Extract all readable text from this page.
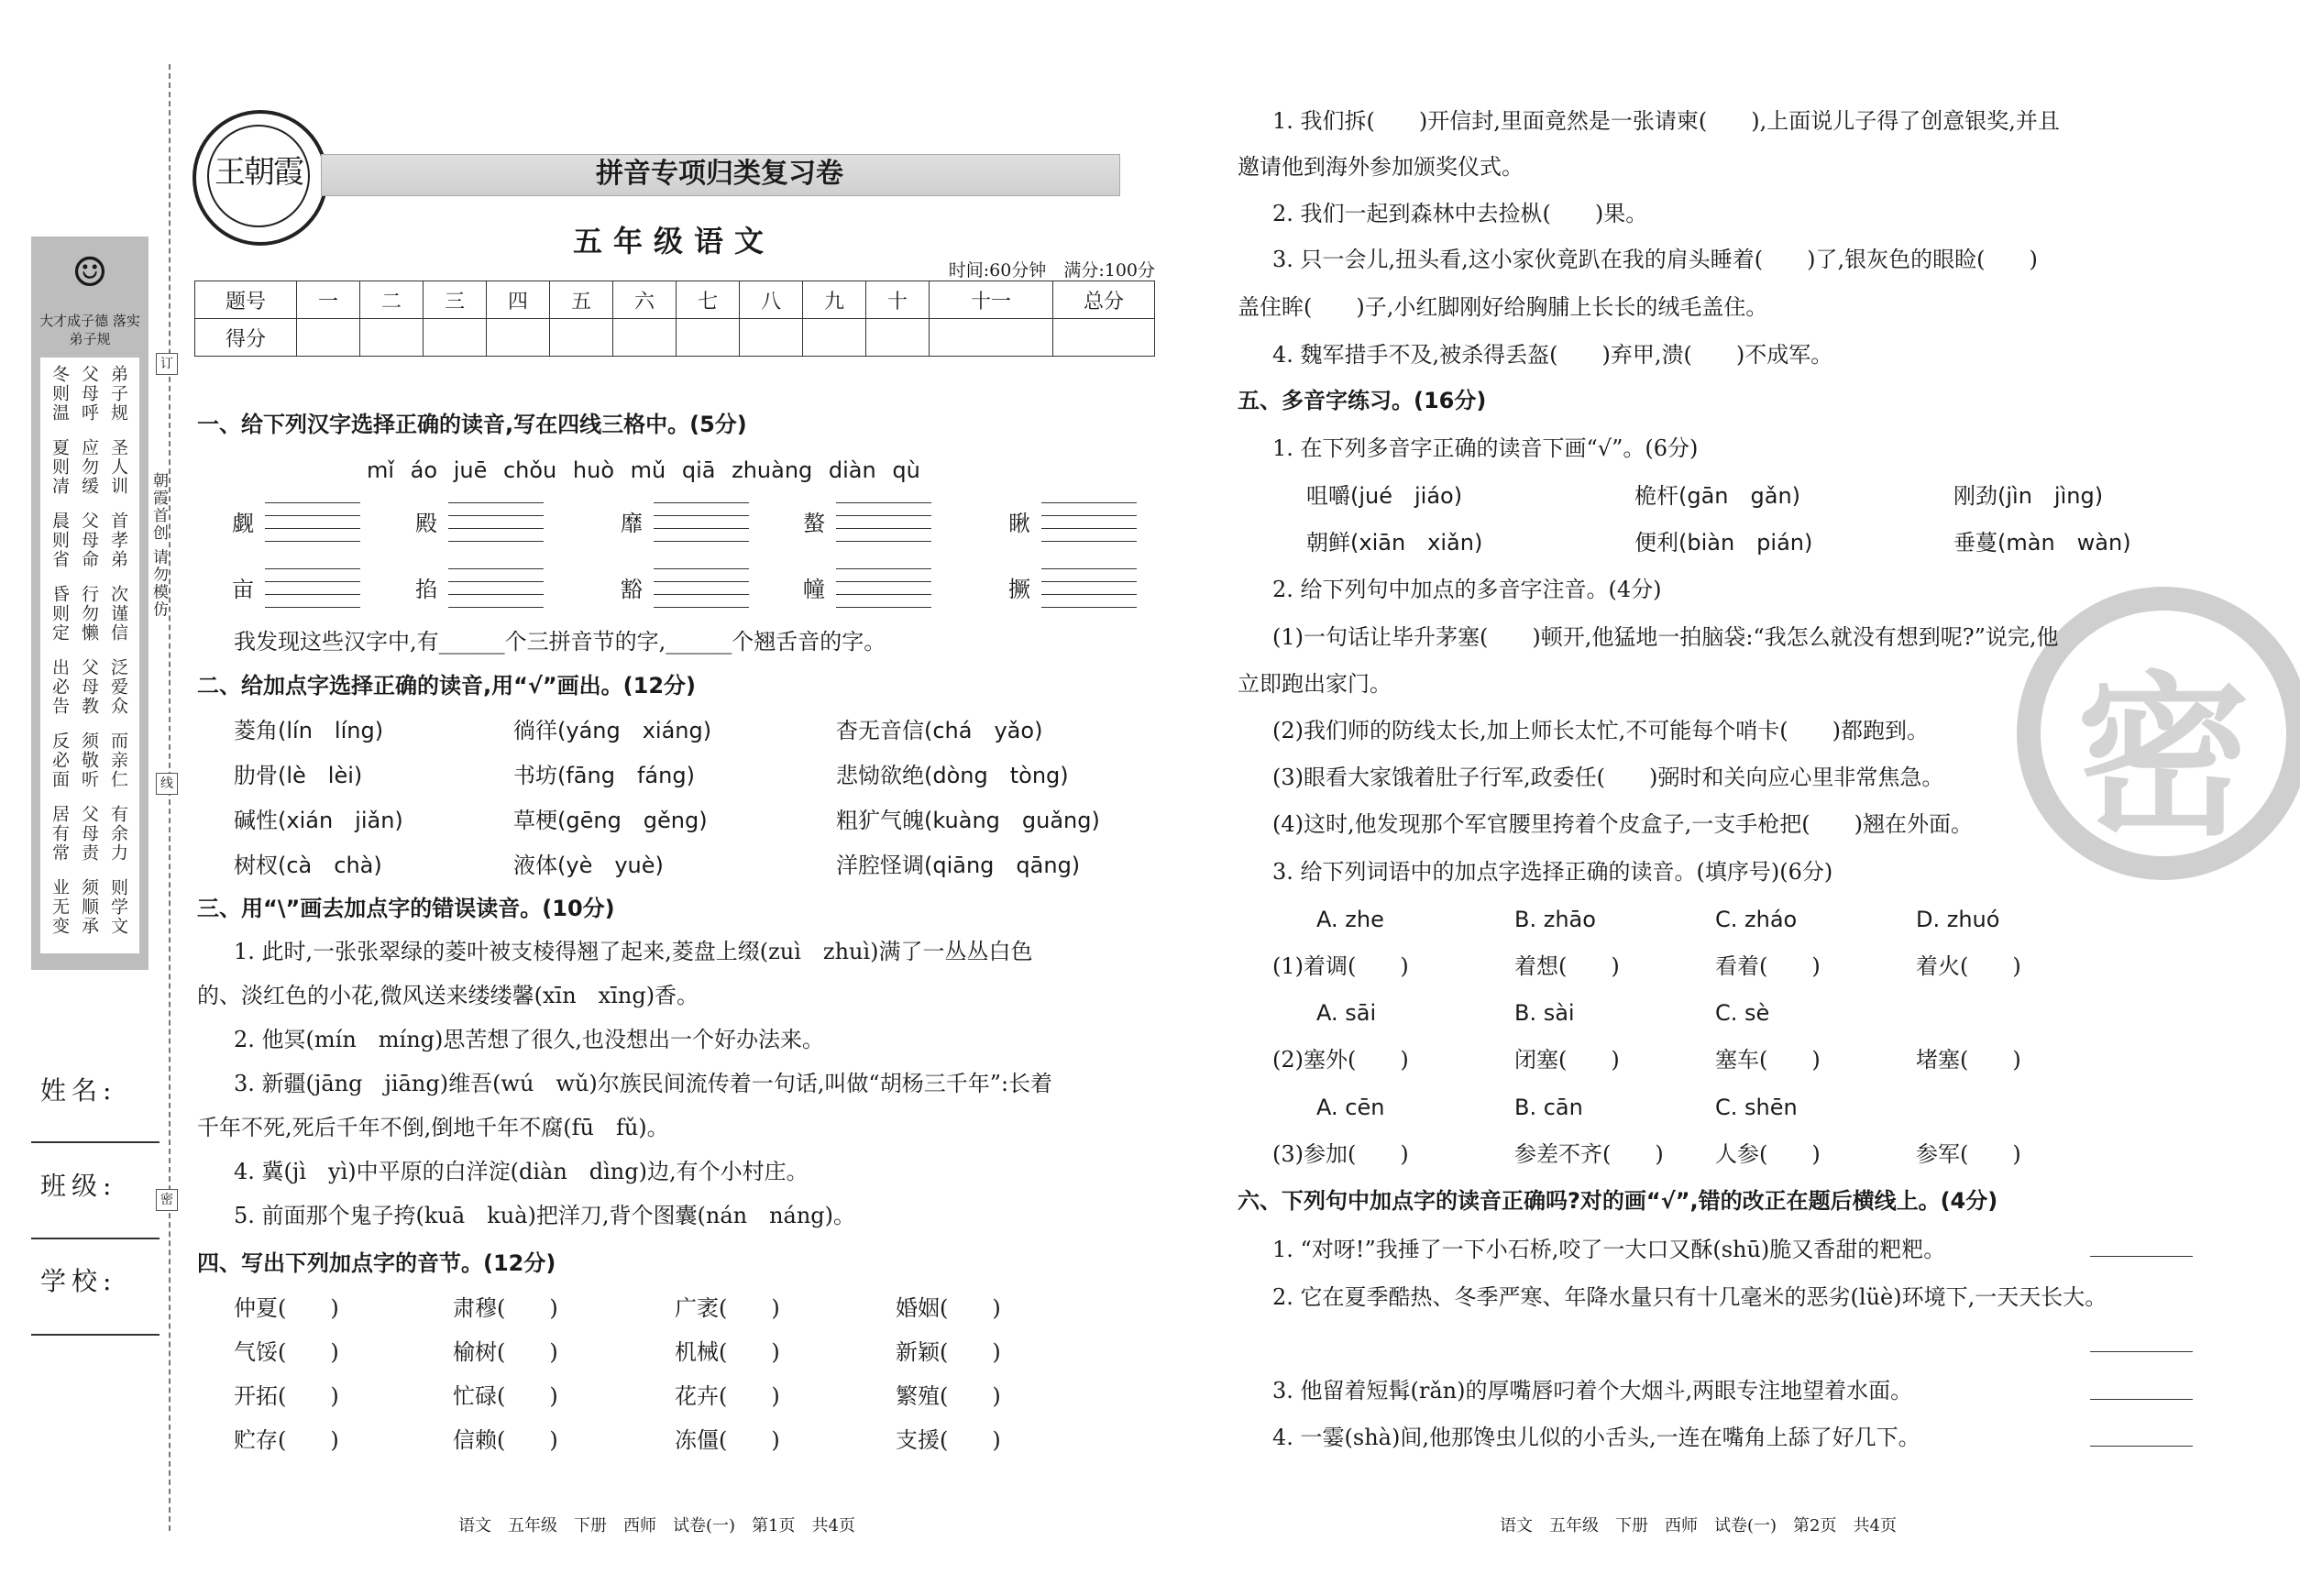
☺
大才成子德 落实弟子规
冬则温 父母呼 弟子规
夏则凊 应勿缓 圣人训
晨则省 父母命 首孝弟
昏则定 行勿懒 次谨信
出必告 父母教 泛爱众
反必面 须敬听 而亲仁
居有常 父母责 有余力
业无变 须顺承 则学文
姓名:
班级:
学校:
订
线
密
朝霞首创 请勿模仿
王朝霞	拼音专项归类复习卷
五年级语文
时间:60分钟　 满分:100分
题号	一	二	三	四	五	六	七	八	九	十	十一	总分
得分												
一、给下列汉字选择正确的读音,写在四线三格中。(5分)
mǐ áo juē chǒu huò mǔ qiā zhuàng diàn qù
觑	殿	靡	螯	瞅
亩	掐	豁	幢	撅
我发现这些汉字中,有______个三拼音节的字,______个翘舌音的字。
二、给加点字选择正确的读音,用“√”画出。(12分)
菱角(lín　líng)	徜徉(yáng　xiáng)	杳无音信(chá　yǎo)
肋骨(lè　lèi)	书坊(fāng　fáng)	悲恸欲绝(dòng　tòng)
碱性(xián　jiǎn)	草梗(gēng　gěng)	粗犷气魄(kuàng　guǎng)
树杈(cà　chà)	液体(yè　yuè)	洋腔怪调(qiāng　qāng)
三、用“\”画去加点字的错误读音。(10分)
1. 此时,一张张翠绿的菱叶被支棱得翘了起来,菱盘上缀(zuì　zhuì)满了一丛丛白色
的、淡红色的小花,微风送来缕缕馨(xīn　xīng)香。
2. 他冥(mín　míng)思苦想了很久,也没想出一个好办法来。
3. 新疆(jāng　jiāng)维吾(wú　wǔ)尔族民间流传着一句话,叫做“胡杨三千年”:长着
千年不死,死后千年不倒,倒地千年不腐(fū　fǔ)。
4. 冀(jì　yì)中平原的白洋淀(diàn　dìng)边,有个小村庄。
5. 前面那个鬼子挎(kuā　kuà)把洋刀,背个图囊(nán　náng)。
四、写出下列加点字的音节。(12分)
仲夏(　　)	肃穆(　　)	广袤(　　)	婚姻(　　)
气馁(　　)	榆树(　　)	机械(　　)	新颖(　　)
开拓(　　)	忙碌(　　)	花卉(　　)	繁殖(　　)
贮存(　　)	信赖(　　)	冻僵(　　)	支援(　　)
语文　五年级　下册　西师　试卷(一)　第1页　共4页
密
1. 我们拆(　　)开信封,里面竟然是一张请柬(　　),上面说儿子得了创意银奖,并且
邀请他到海外参加颁奖仪式。
2. 我们一起到森林中去捡枞(　　)果。
3. 只一会儿,扭头看,这小家伙竟趴在我的肩头睡着(　　)了,银灰色的眼睑(　　)
盖住眸(　　)子,小红脚刚好给胸脯上长长的绒毛盖住。
4. 魏军措手不及,被杀得丢盔(　　)弃甲,溃(　　)不成军。
五、多音字练习。(16分)
1. 在下列多音字正确的读音下画“√”。(6分)
咀嚼(jué　jiáo)	桅杆(gān　gǎn)	刚劲(jìn　jìng)
朝鲜(xiān　xiǎn)	便利(biàn　pián)	垂蔓(màn　wàn)
2. 给下列句中加点的多音字注音。(4分)
(1)一句话让毕升茅塞(　　)顿开,他猛地一拍脑袋:“我怎么就没有想到呢?”说完,他
立即跑出家门。
(2)我们师的防线太长,加上师长太忙,不可能每个哨卡(　　)都跑到。
(3)眼看大家饿着肚子行军,政委任(　　)弼时和关向应心里非常焦急。
(4)这时,他发现那个军官腰里挎着个皮盒子,一支手枪把(　　)翘在外面。
3. 给下列词语中的加点字选择正确的读音。(填序号)(6分)
A. zhe	B. zhāo	C. zháo	D. zhuó
(1)着调(　　)	着想(　　)	看着(　　)	着火(　　)
A. sāi	B. sài	C. sè
(2)塞外(　　)	闭塞(　　)	塞车(　　)	堵塞(　　)
A. cēn	B. cān	C. shēn
(3)参加(　　)	参差不齐(　　) 人参(　　)	参军(　　)
六、下列句中加点字的读音正确吗?对的画“√”,错的改正在题后横线上。(4分)
1. “对呀!”我捶了一下小石桥,咬了一大口又酥(shū)脆又香甜的粑粑。
2. 它在夏季酷热、冬季严寒、年降水量只有十几毫米的恶劣(lüè)环境下,一天天长大。
3. 他留着短髯(rǎn)的厚嘴唇叼着个大烟斗,两眼专注地望着水面。
4. 一霎(shà)间,他那馋虫儿似的小舌头,一连在嘴角上舔了好几下。
语文　五年级　下册　西师　试卷(一)　第2页　共4页
